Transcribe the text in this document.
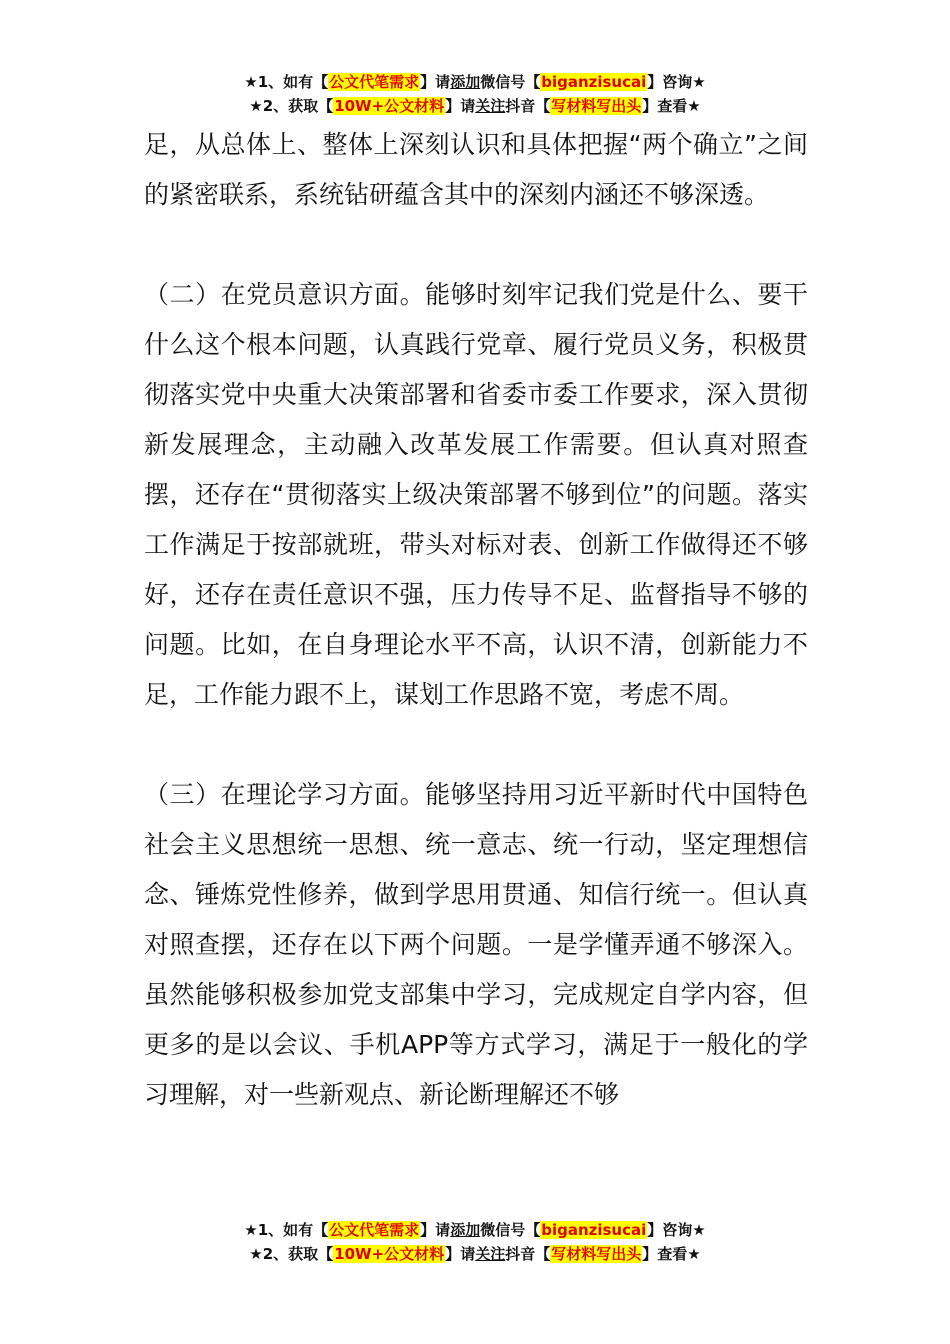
★1、如有【公文代笔需求】请添加微信号【biganzisucai】咨询★
★2、获取【10W+公文材料】请关注抖音【写材料写出头】查看★

足，从总体上、整体上深刻认识和具体把握“两个确立”之间的紧密联系，系统钻研蕴含其中的深刻内涵还不够深透。

（二）在党员意识方面。能够时刻牢记我们党是什么、要干什么这个根本问题，认真践行党章、履行党员义务，积极贯彻落实党中央重大决策部署和省委市委工作要求，深入贯彻新发展理念，主动融入改革发展工作需要。但认真对照查摆，还存在“贯彻落实上级决策部署不够到位”的问题。落实工作满足于按部就班，带头对标对表、创新工作做得还不够好，还存在责任意识不强，压力传导不足、监督指导不够的问题。比如，在自身理论水平不高，认识不清，创新能力不足，工作能力跟不上，谋划工作思路不宽，考虑不周。

（三）在理论学习方面。能够坚持用习近平新时代中国特色社会主义思想统一思想、统一意志、统一行动，坚定理想信念、锤炼党性修养，做到学思用贯通、知信行统一。但认真对照查摆，还存在以下两个问题。一是学懂弄通不够深入。虽然能够积极参加党支部集中学习，完成规定自学内容，但更多的是以会议、手机APP等方式学习，满足于一般化的学习理解，对一些新观点、新论断理解还不够

★1、如有【公文代笔需求】请添加微信号【biganzisucai】咨询★
★2、获取【10W+公文材料】请关注抖音【写材料写出头】查看★
